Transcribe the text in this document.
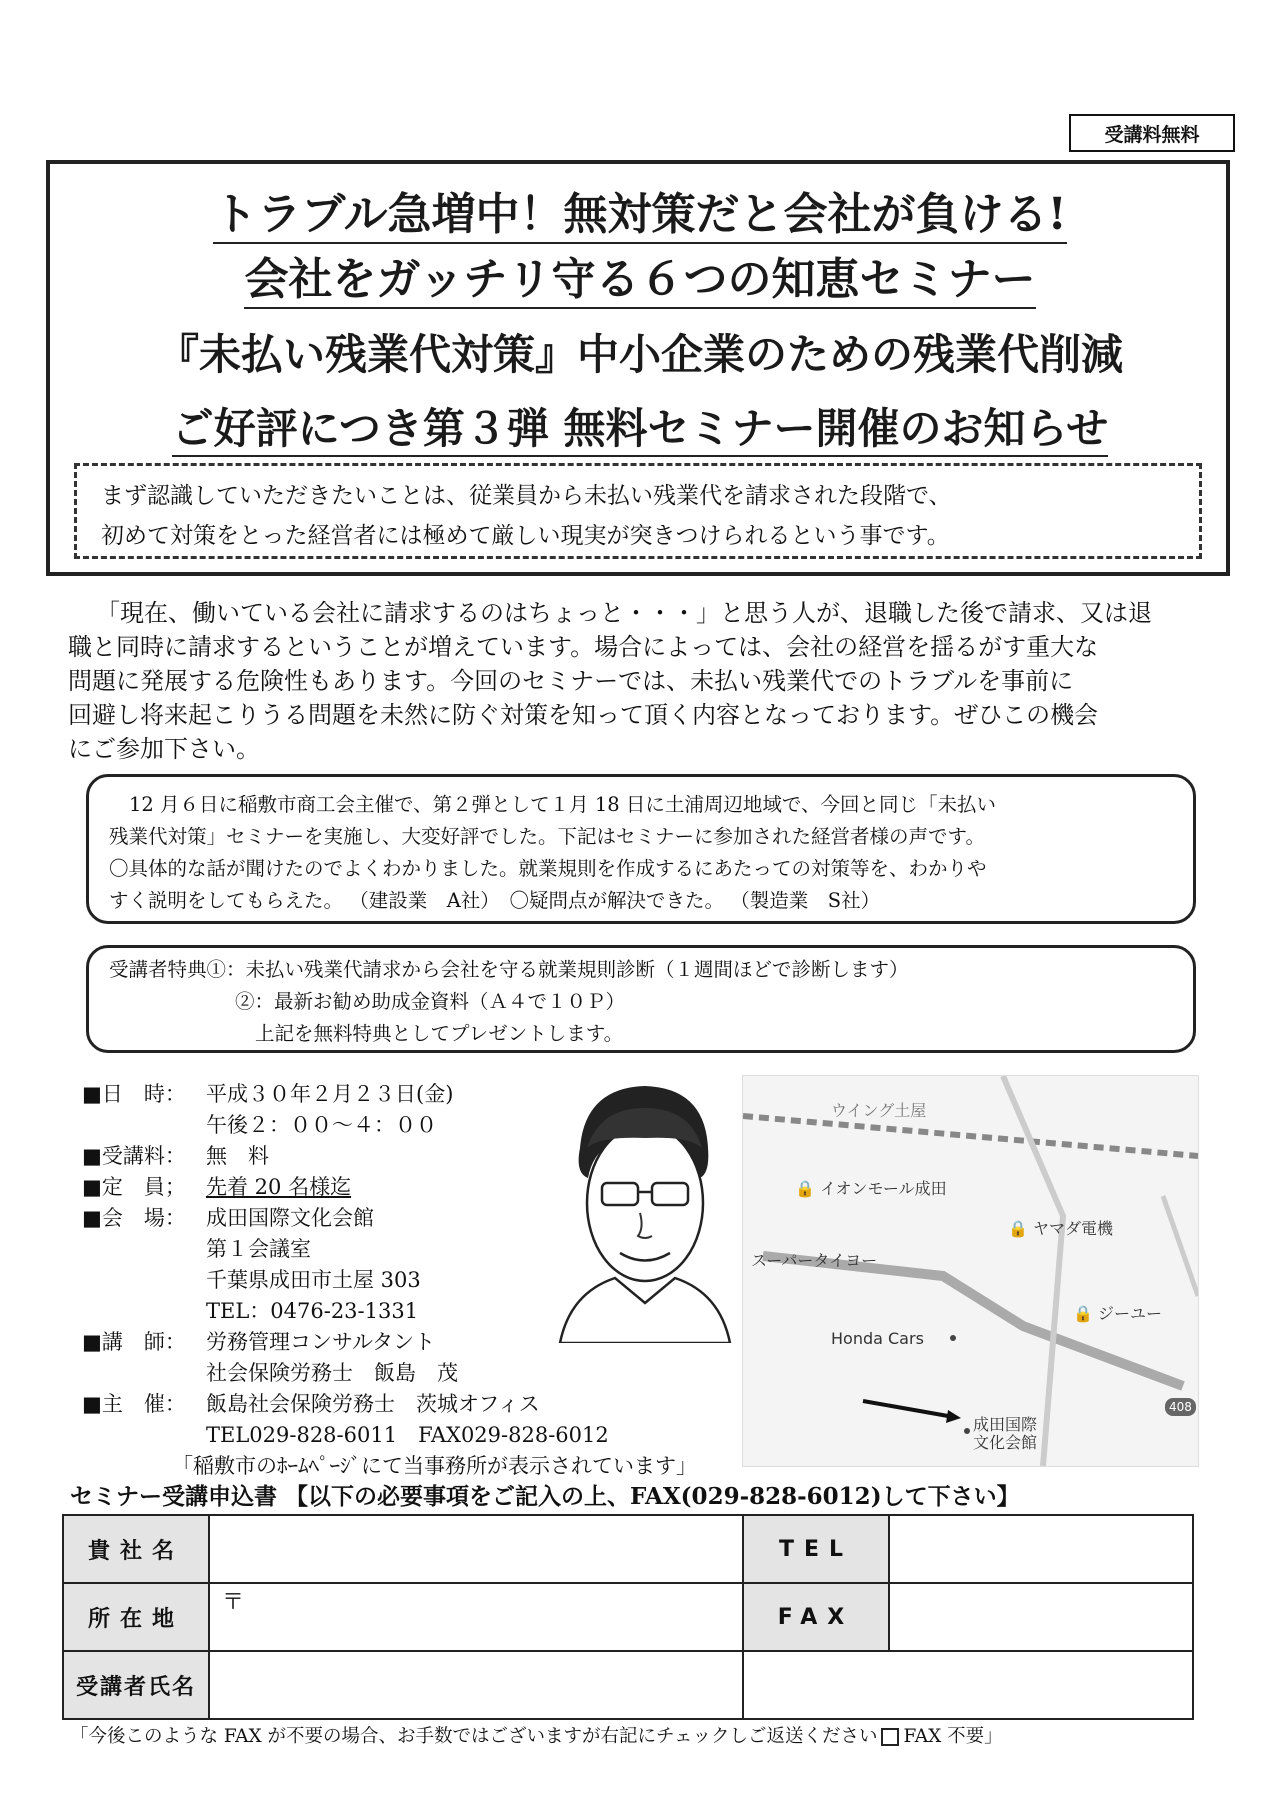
受講料無料
トラブル急増中！無対策だと会社が負ける!
会社をガッチリ守る６つの知恵セミナー
『未払い残業代対策』中小企業のための残業代削減
ご好評につき第３弾 無料セミナー開催のお知らせ
まず認識していただきたいことは、従業員から未払い残業代を請求された段階で、
初めて対策をとった経営者には極めて厳しい現実が突きつけられるという事です。
「現在、働いている会社に請求するのはちょっと・・・」と思う人が、退職した後で請求、又は退
職と同時に請求するということが増えています。場合によっては、会社の経営を揺るがす重大な
問題に発展する危険性もあります。今回のセミナーでは、未払い残業代でのトラブルを事前に
回避し将来起こりうる問題を未然に防ぐ対策を知って頂く内容となっております。ぜひこの機会
にご参加下さい。
12 月６日に稲敷市商工会主催で、第２弾として１月 18 日に土浦周辺地域で、今回と同じ「未払い
残業代対策」セミナーを実施し、大変好評でした。下記はセミナーに参加された経営者様の声です。
〇具体的な話が聞けたのでよくわかりました。就業規則を作成するにあたっての対策等を、わかりや
すく説明をしてもらえた。 （建設業　A社）　〇疑問点が解決できた。 （製造業　S社）
受講者特典①：未払い残業代請求から会社を守る就業規則診断（１週間ほどで診断します）
②：最新お勧め助成金資料（Ａ４で１０Ｐ）
上記を無料特典としてプレゼントします。
■日　時： 平成３０年２月２３日(金)
午後２：００～４：００
■受講料： 無　料
■定　員； 先着 20 名様迄
■会　場： 成田国際文化会館
第１会議室
千葉県成田市土屋 303
TEL：0476-23-1331
■講　師： 労務管理コンサルタント
社会保険労務士　飯島　茂
■主　催： 飯島社会保険労務士　茨城オフィス
TEL029-828-6011　FAX029-828-6012
「稲敷市のﾎｰﾑﾍﾟｰｼﾞにて当事務所が表示されています」
ウイング土屋
🔒 イオンモール成田
🔒 ヤマダ電機
スーパータイヨー
🔒 ジーユー
Honda Cars
成田国際
文化会館
408
セミナー受講申込書 【以下の必要事項をご記入の上、FAX(029-828-6012)して下さい】
貴社名		TEL	
所在地	〒	FAX	
受講者氏名			
「今後このような FAX が不要の場合、お手数ではございますが右記にチェックしご返送ください FAX 不要」
